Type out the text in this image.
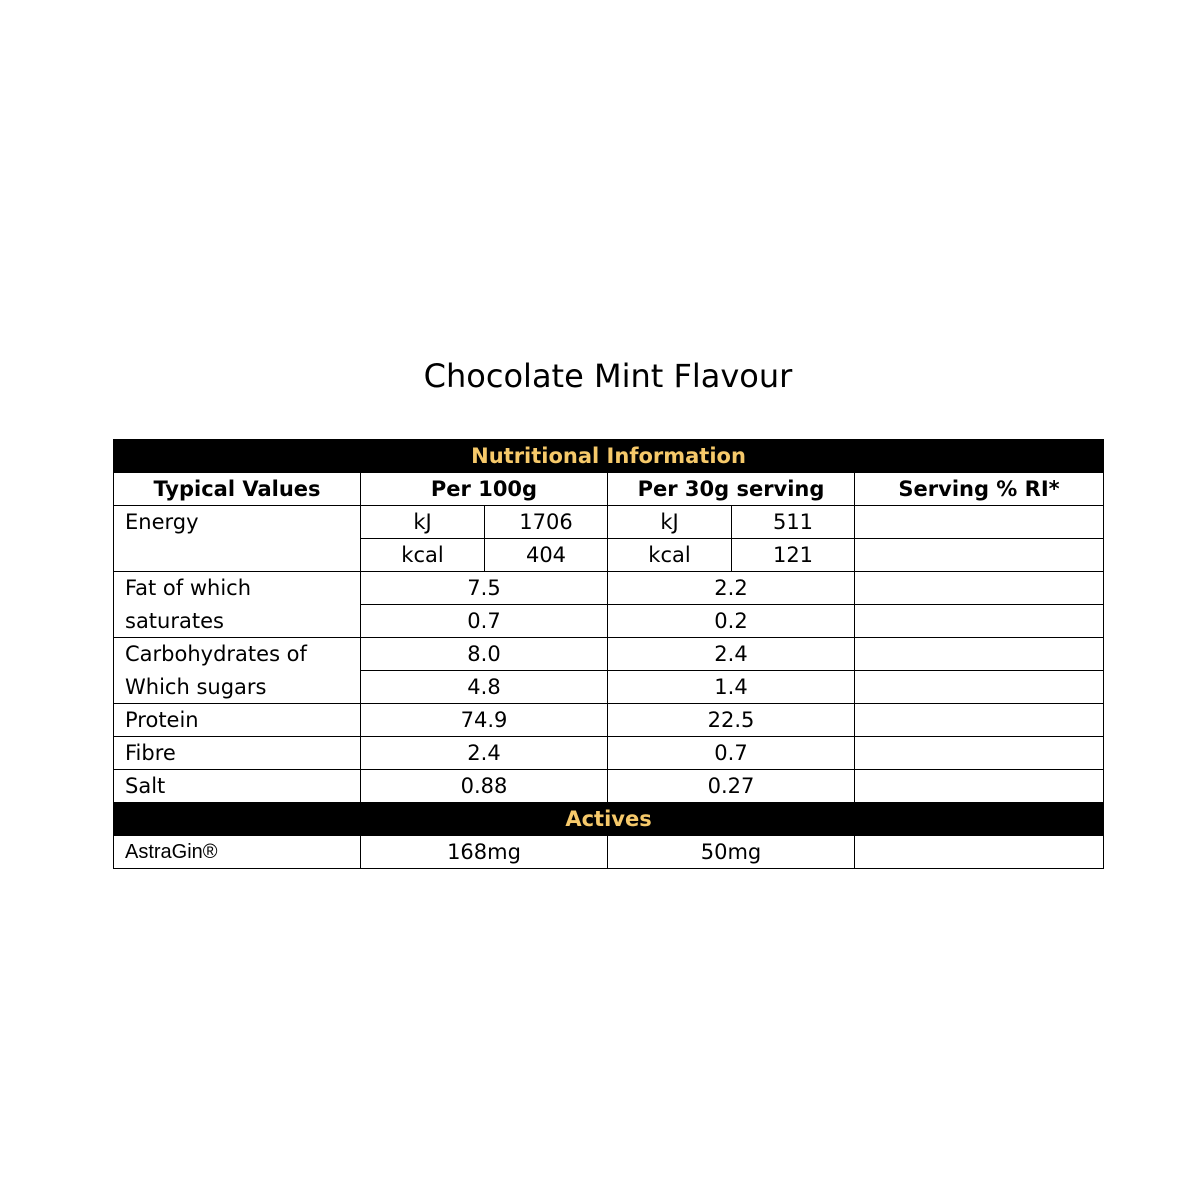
Chocolate Mint Flavour
Nutritional Information					
Typical Values	Per 100g		Per 30g serving		Serving % RI*
Energy	kJ	1706	kJ	511	
	kcal	404	kcal	121	
Fat of which	7.5		2.2		
saturates	0.7		0.2		
Carbohydrates of	8.0		2.4		
Which sugars	4.8		1.4		
Protein	74.9		22.5		
Fibre	2.4		0.7		
Salt	0.88		0.27		
Actives					
AstraGin®	168mg		50mg		
